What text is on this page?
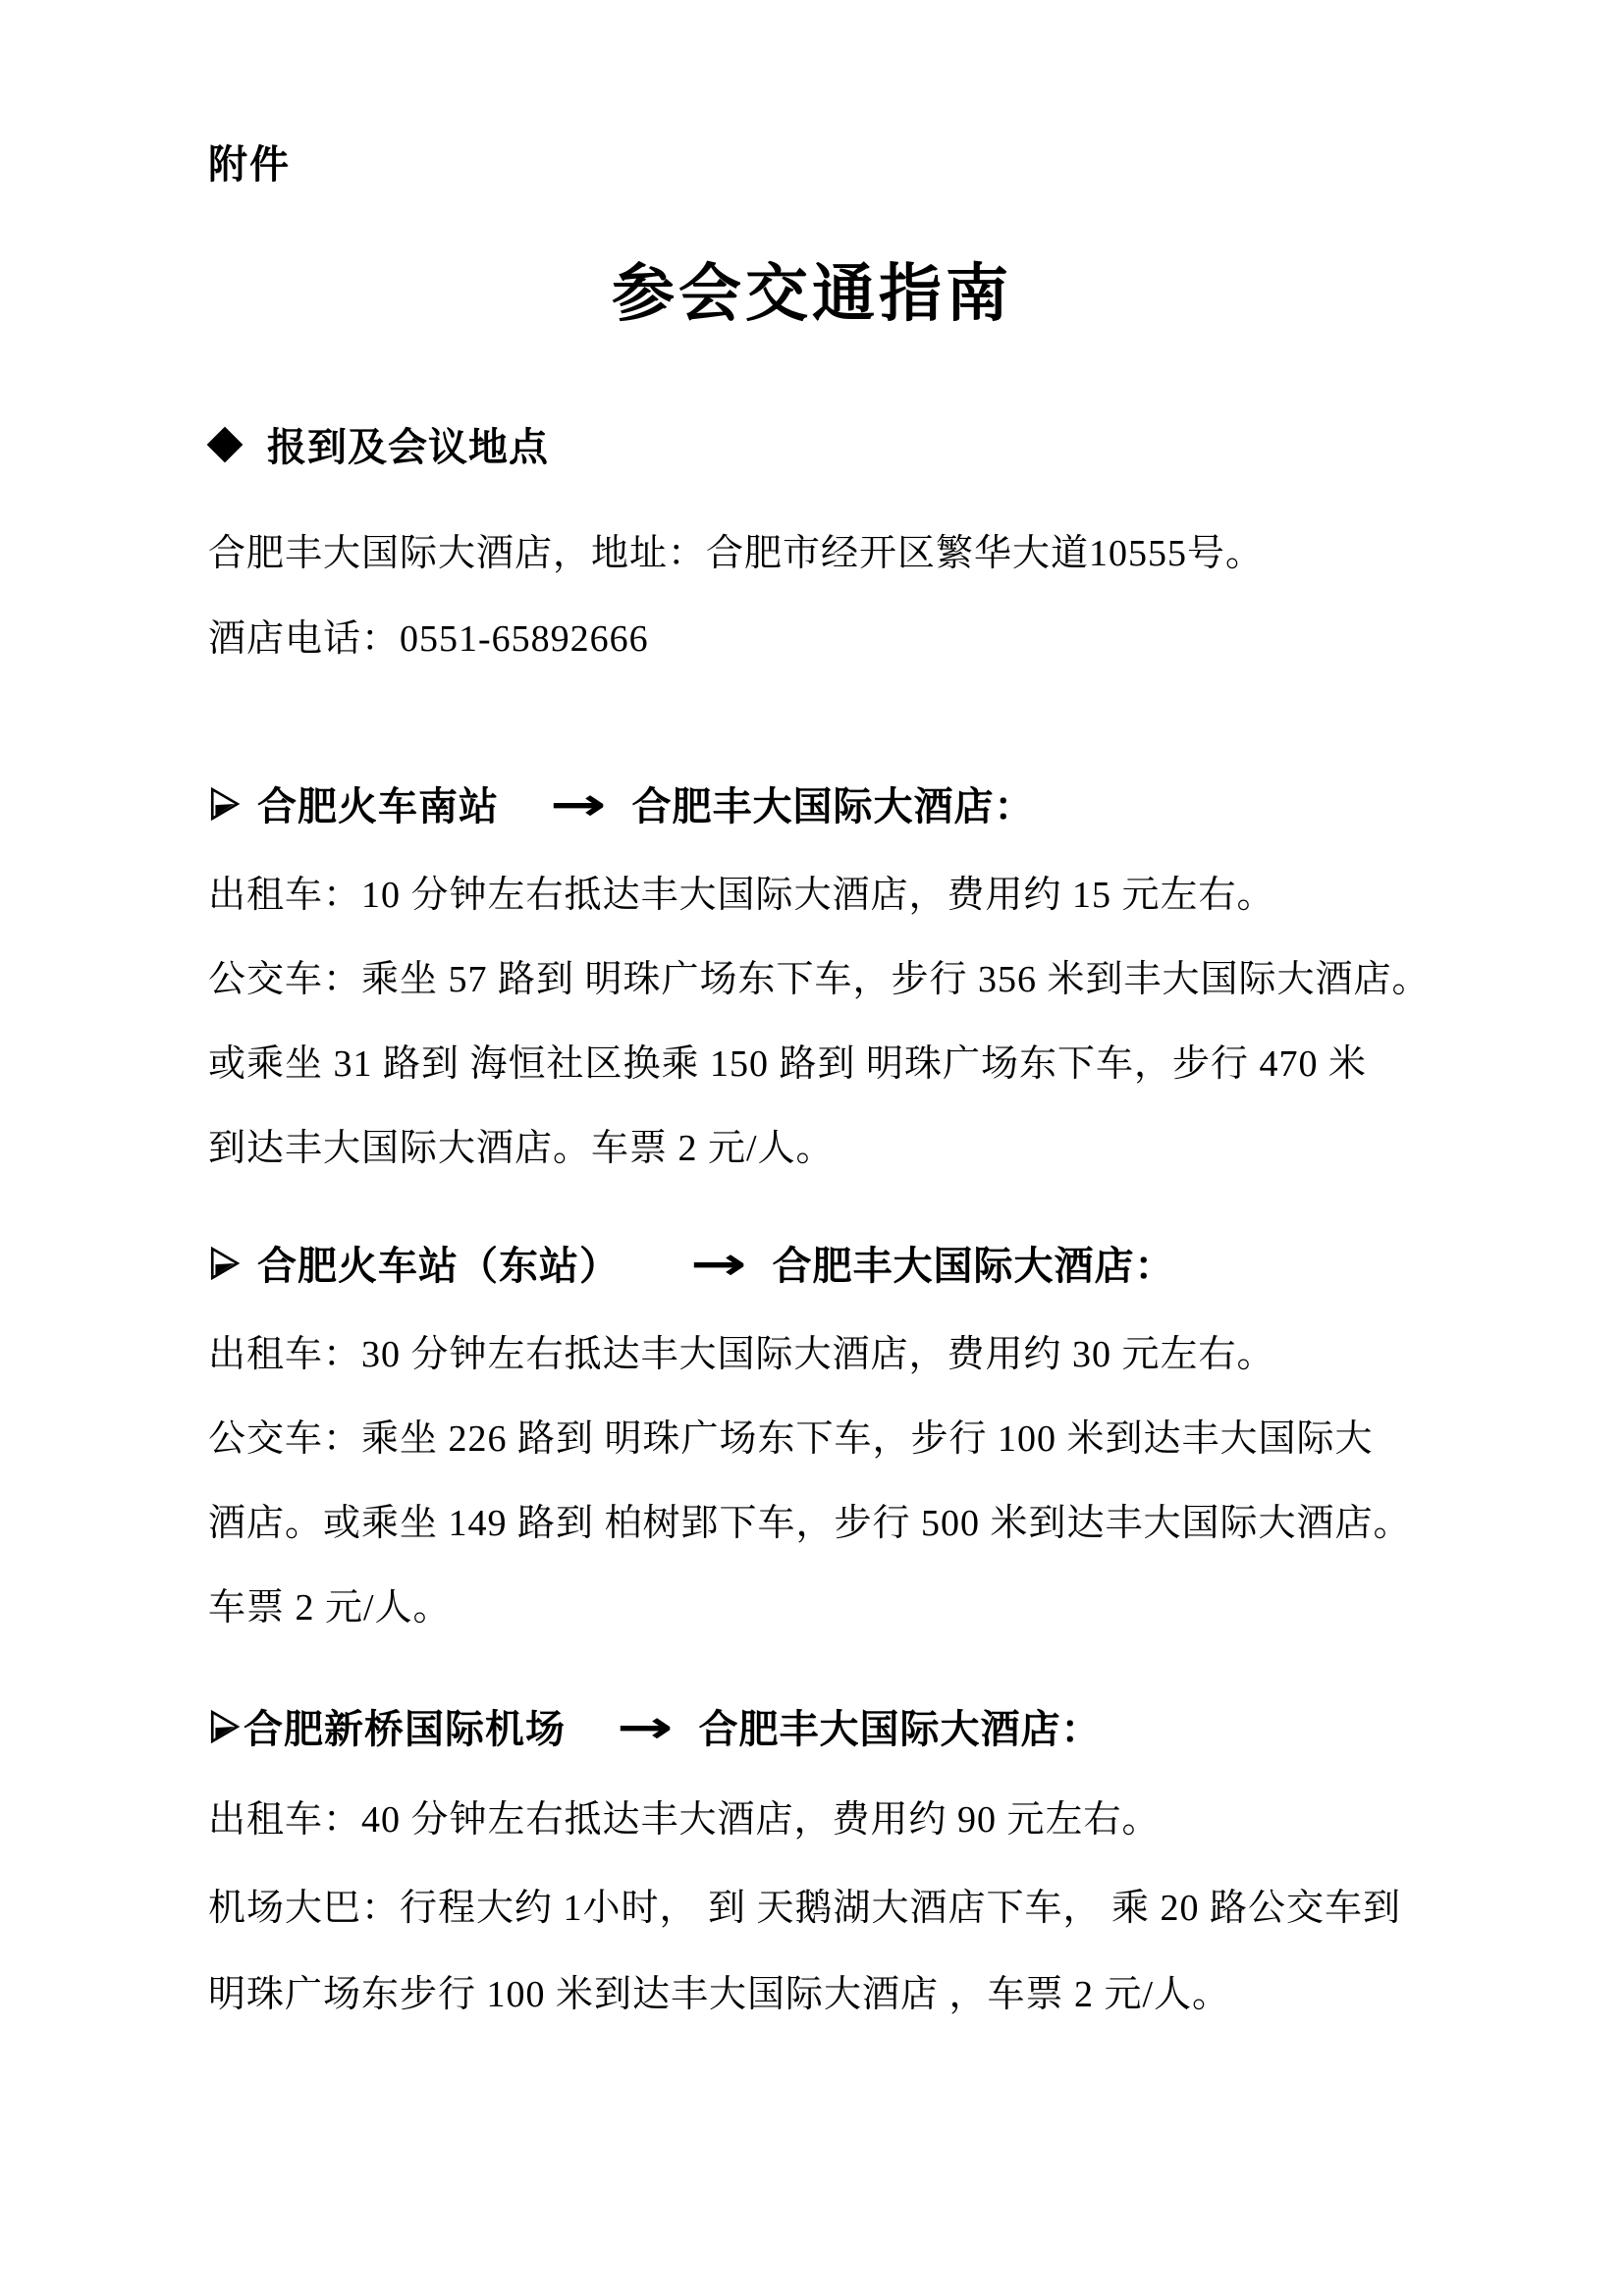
附件
参会交通指南
报到及会议地点
合肥丰大国际大酒店，地址：合肥市经开区繁华大道10555号。
酒店电话：0551-65892666
合肥火车南站 → 合肥丰大国际大酒店：
出租车：10 分钟左右抵达丰大国际大酒店，费用约 15 元左右。
公交车：乘坐 57 路到 明珠广场东下车，步行 356 米到丰大国际大酒店。
或乘坐 31 路到 海恒社区换乘 150 路到 明珠广场东下车，步行 470 米
到达丰大国际大酒店。车票 2 元/人。
合肥火车站（东站） → 合肥丰大国际大酒店：
出租车：30 分钟左右抵达丰大国际大酒店，费用约 30 元左右。
公交车：乘坐 226 路到 明珠广场东下车，步行 100 米到达丰大国际大
酒店。或乘坐 149 路到 柏树郢下车，步行 500 米到达丰大国际大酒店。
车票 2 元/人。
合肥新桥国际机场 → 合肥丰大国际大酒店：
出租车：40 分钟左右抵达丰大酒店，费用约 90 元左右。
机场大巴：行程大约 1小时， 到 天鹅湖大酒店下车， 乘 20 路公交车到
明珠广场东步行 100 米到达丰大国际大酒店 ，车票 2 元/人。
